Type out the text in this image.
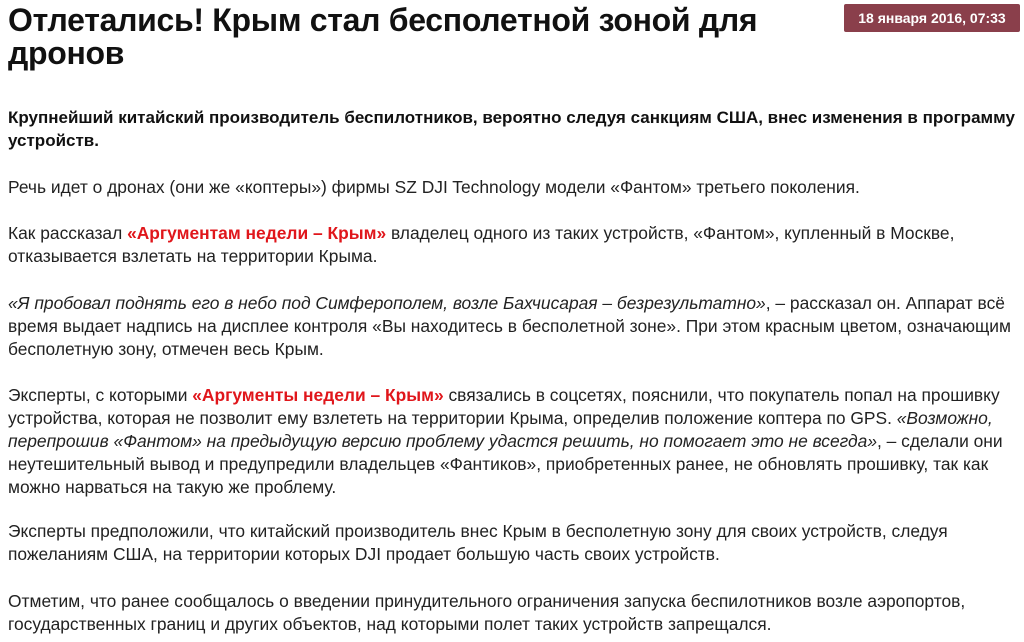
Отлетались! Крым стал бесполетной зоной для дронов
18 января 2016, 07:33

Крупнейший китайский производитель беспилотников, вероятно следуя санкциям США, внес изменения в программу устройств.

Речь идет о дронах (они же «коптеры») фирмы SZ DJI Technology модели «Фантом» третьего поколения.

Как рассказал «Аргументам недели – Крым» владелец одного из таких устройств, «Фантом», купленный в Москве, отказывается взлетать на территории Крыма.

«Я пробовал поднять его в небо под Симферополем, возле Бахчисарая – безрезультатно», – рассказал он. Аппарат всё время выдает надпись на дисплее контроля «Вы находитесь в бесполетной зоне». При этом красным цветом, означающим бесполетную зону, отмечен весь Крым.

Эксперты, с которыми «Аргументы недели – Крым» связались в соцсетях, пояснили, что покупатель попал на прошивку устройства, которая не позволит ему взлететь на территории Крыма, определив положение коптера по GPS. «Возможно, перепрошив «Фантом» на предыдущую версию проблему удастся решить, но помогает это не всегда», – сделали они неутешительный вывод и предупредили владельцев «Фантиков», приобретенных ранее, не обновлять прошивку, так как можно нарваться на такую же проблему.

Эксперты предположили, что китайский производитель внес Крым в бесполетную зону для своих устройств, следуя пожеланиям США, на территории которых DJI продает большую часть своих устройств.

Отметим, что ранее сообщалось о введении принудительного ограничения запуска беспилотников возле аэропортов, государственных границ и других объектов, над которыми полет таких устройств запрещался.
